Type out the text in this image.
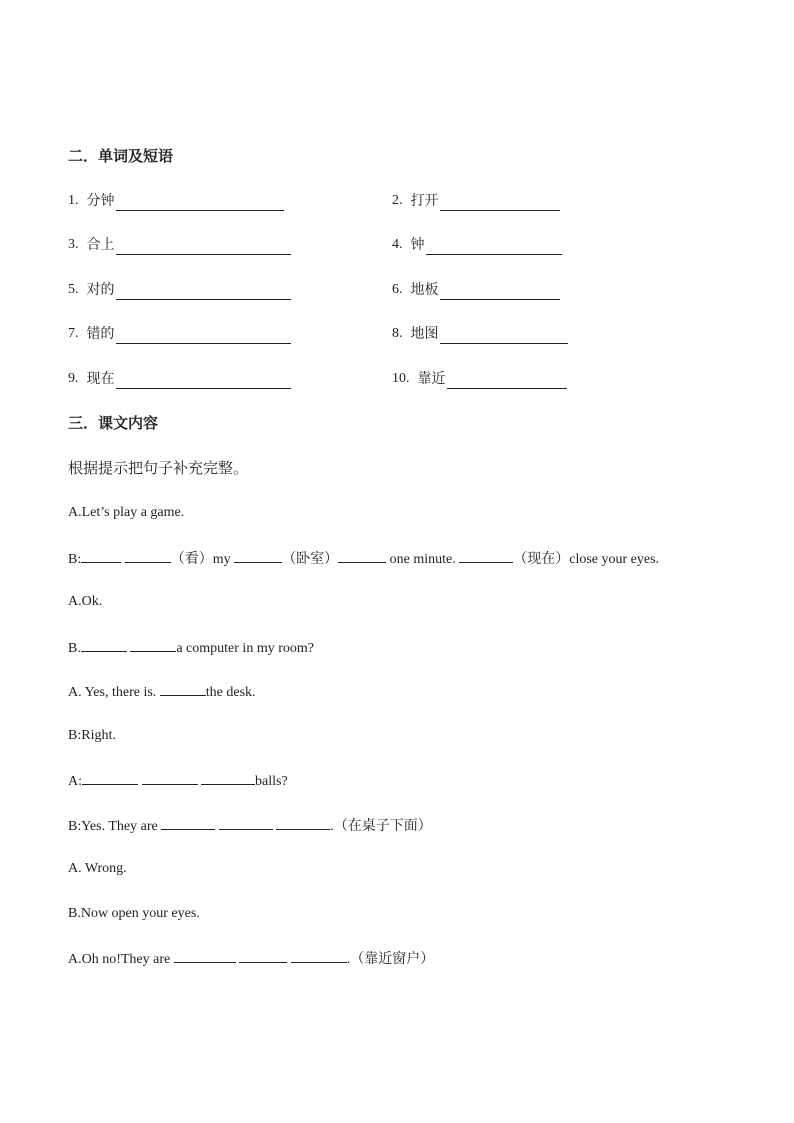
二．单词及短语
1. 分钟	2. 打开
3. 合上	4. 钟
5. 对的	6. 地板
7. 错的	8. 地图
9. 现在	10. 靠近
三．课文内容
根据提示把句子补充完整。
A.Let’s play a game.
B:	（看）my	（卧室）	one minute.	（现在）close your eyes.
A.Ok.
B.	a computer in my room?
A. Yes, there is.	the desk.
B:Right.
A:	balls?
B:Yes. They are	.（在桌子下面）
A. Wrong.
B.Now open your eyes.
A.Oh no!They are	.（靠近窗户）
